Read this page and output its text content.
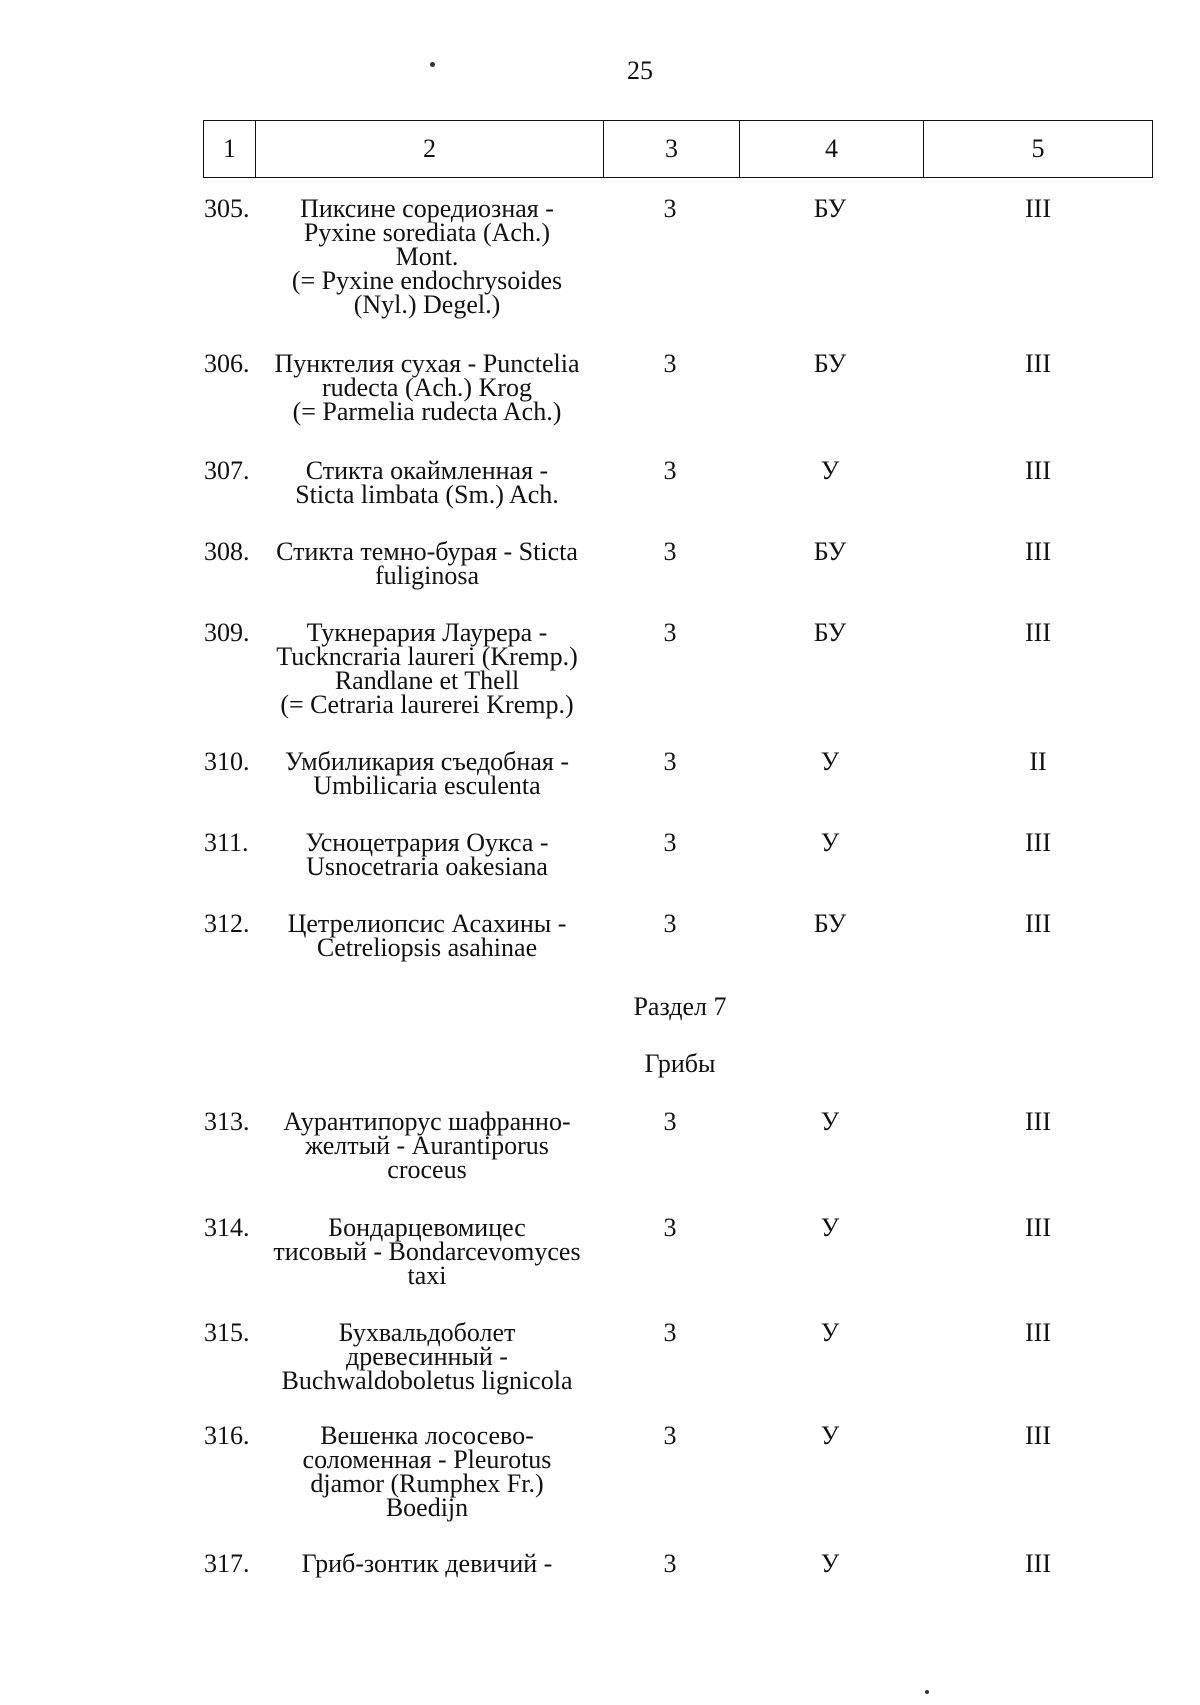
25
1	2	3	4	5
305.	Пиксине соредиозная -
Pyxine sorediata (Ach.)
Mont.
(= Pyxine endochrysoides
(Nyl.) Degel.)
3	БУ	III
306. Пунктелия сухая - Punctelia
rudecta (Ach.) Krog
(= Parmelia rudecta Ach.)
3	БУ	III
307.	Стикта окаймленная -
Sticta limbata (Sm.) Ach.
3	У	III
308.	Стикта темно-бурая - Sticta
fuliginosa
3	БУ	III
309.	Тукнерария Лаурера -
Tucknсraria laureri (Kremp.)
Randlane et Thell
(= Cetraria laurerei Kremp.)
3	БУ	III
310.	Умбиликария съедобная -
Umbilicaria esculenta
3	У	II
311.	Усноцетрария Оукса -
Usnocetraria oakesiana
3	У	III
312.	Цетрелиопсис Асахины -
Cetreliopsis asahinae
3	БУ	III
313.	Аурантипорус шафранно-
желтый - Aurantiporus
croceus
3	У	III
314.	Бондарцевомицес
тисовый - Bondarcevomyces
taxi
3	У	III
315.	Бухвальдоболет
древесинный -
Buchwaldoboletus lignicola
3	У	III
316.	Вешенка лососево-
соломенная - Pleurotus
djamor (Rumphex Fr.)
Boedijn
3	У	III
317.	Гриб-зонтик девичий -	3	У	III
Раздел 7
Грибы
